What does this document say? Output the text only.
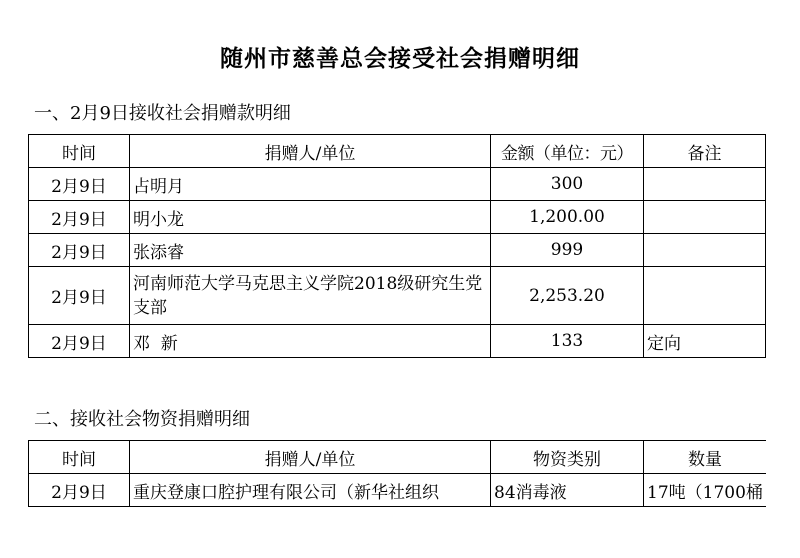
随州市慈善总会接受社会捐赠明细
一、2月9日接收社会捐赠款明细
时间	捐赠人/单位	金额（单位：元）	备注
2月9日	占明月	300	
2月9日	明小龙	1,200.00	
2月9日	张添睿	999	
2月9日	河南师范大学马克思主义学院2018级研究生党支部	2,253.20	
2月9日	邓  新	133	定向
二、接收社会物资捐赠明细
时间	捐赠人/单位	物资类别	数量
2月9日	重庆登康口腔护理有限公司（新华社组织	84消毒液	17吨（1700桶
